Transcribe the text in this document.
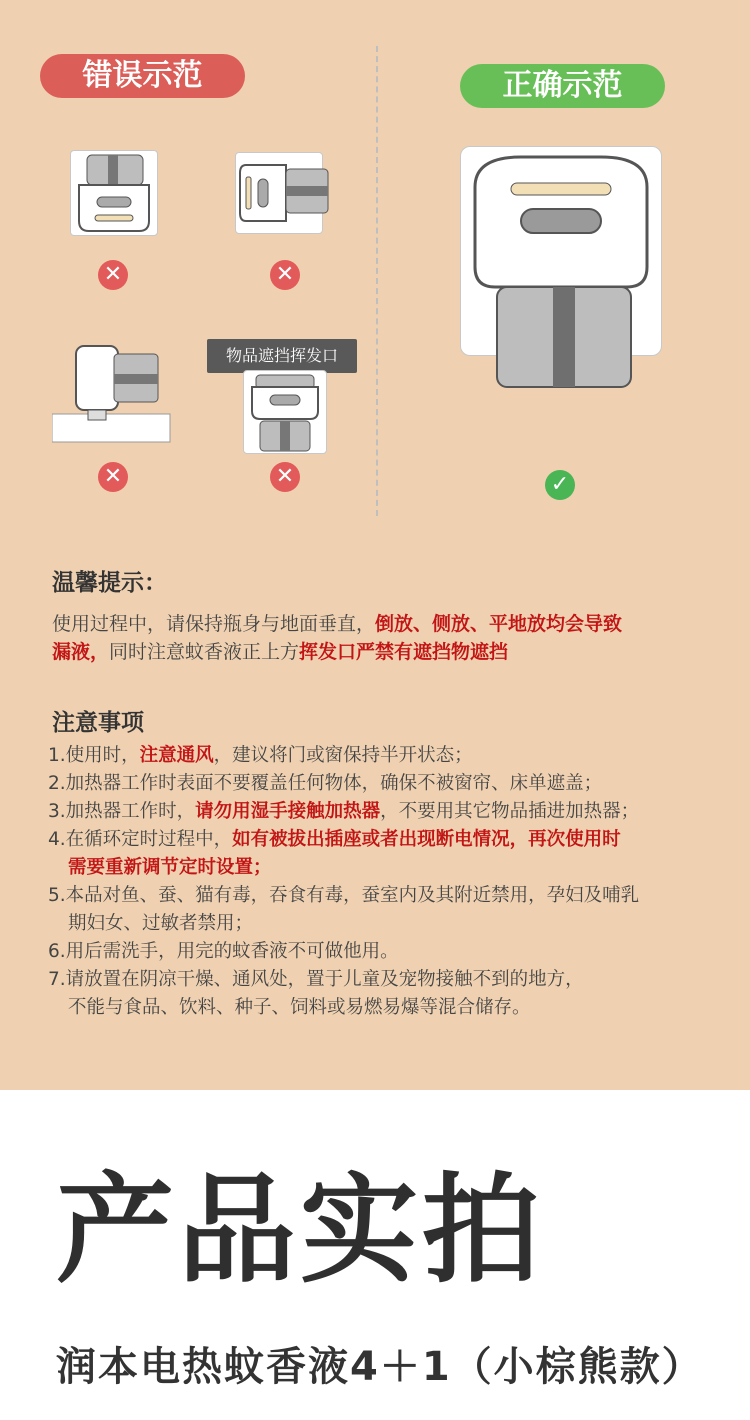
错误示范	正确示范
✕	✕
✕
物品遮挡挥发口
✕	✓
温馨提示：
使用过程中，请保持瓶身与地面垂直，倒放、侧放、平地放均会导致
漏液，同时注意蚊香液正上方挥发口严禁有遮挡物遮挡
注意事项
1.使用时，注意通风，建议将门或窗保持半开状态；
2.加热器工作时表面不要覆盖任何物体，确保不被窗帘、床单遮盖；
3.加热器工作时，请勿用湿手接触加热器，不要用其它物品插进加热器；
4.在循环定时过程中，如有被拔出插座或者出现断电情况，再次使用时
需要重新调节定时设置；
5.本品对鱼、蚕、猫有毒，吞食有毒，蚕室内及其附近禁用，孕妇及哺乳
期妇女、过敏者禁用；
6.用后需洗手，用完的蚊香液不可做他用。
7.请放置在阴凉干燥、通风处，置于儿童及宠物接触不到的地方，
不能与食品、饮料、种子、饲料或易燃易爆等混合储存。
产品实拍
润本电热蚊香液4＋1（小棕熊款）
